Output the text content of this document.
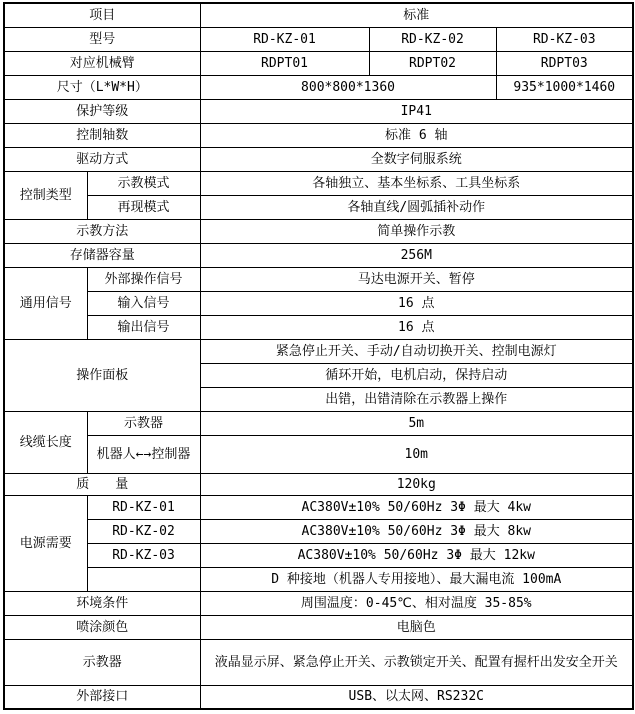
项目		标准		
型号		RD-KZ-01	RD-KZ-02	RD-KZ-03
对应机械臂		RDPT01	RDPT02	RDPT03
尺寸（L*W*H）		800*800*1360		935*1000*1460
保护等级		IP41		
控制轴数		标准 6 轴		
驱动方式		全数字伺服系统		
控制类型	示教模式	各轴独立、基本坐标系、工具坐标系		
	再现模式	各轴直线/圆弧插补动作		
示教方法		简单操作示教		
存储器容量		256M		
通用信号	外部操作信号	马达电源开关、暂停		
	输入信号	16 点		
	输出信号	16 点		
操作面板		紧急停止开关、手动/自动切换开关、控制电源灯		
		循环开始，电机启动，保持启动		
		出错，出错清除在示教器上操作		
线缆长度	示教器	5m		
	机器人←→控制器	10m		
质　　量		120kg		
电源需要	RD-KZ-01	AC380V±10% 50/60Hz 3Φ 最大 4kw		
	RD-KZ-02	AC380V±10% 50/60Hz 3Φ 最大 8kw		
	RD-KZ-03	AC380V±10% 50/60Hz 3Φ 最大 12kw		
		D 种接地（机器人专用接地）、最大漏电流 100mA		
环境条件		周围温度：0-45℃、相对温度 35-85%		
喷涂颜色		电脑色		
示教器		液晶显示屏、紧急停止开关、示教锁定开关、配置有握杆出发安全开关		
外部接口		USB、以太网、RS232C		
